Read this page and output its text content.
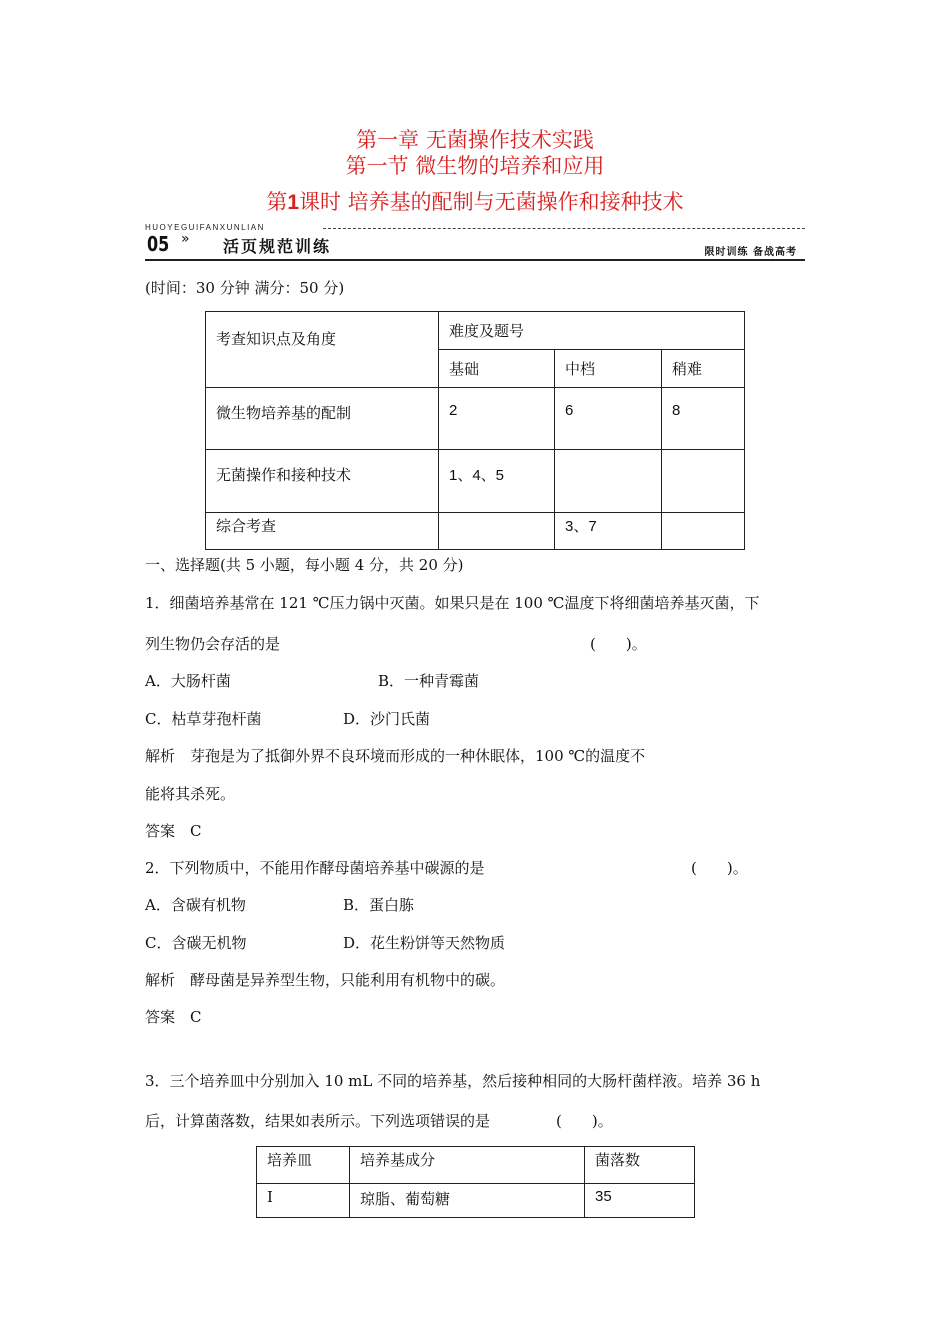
第一章 无菌操作技术实践
第一节 微生物的培养和应用
第1课时 培养基的配制与无菌操作和接种技术
HUOYEGUIFANXUNLIAN
05 » 活页规范训练	限时训练 备战高考
(时间：30 分钟 满分：50 分)
考查知识点及角度	难度及题号		
	基础	中档	稍难
微生物培养基的配制	2	6	8
无菌操作和接种技术	1、4、5		
综合考查		3、7	
一、选择题(共 5 小题，每小题 4 分，共 20 分)
1．细菌培养基常在 121 ℃压力锅中灭菌。如果只是在 100 ℃温度下将细菌培养基灭菌，下
列生物仍会存活的是	(　　)。
A．大肠杆菌	B．一种青霉菌
C．枯草芽孢杆菌	D．沙门氏菌
解析　芽孢是为了抵御外界不良环境而形成的一种休眠体，100 ℃的温度不
能将其杀死。
答案　C
2．下列物质中，不能用作酵母菌培养基中碳源的是	(　　)。
A．含碳有机物	B．蛋白胨
C．含碳无机物	D．花生粉饼等天然物质
解析　酵母菌是异养型生物，只能利用有机物中的碳。
答案　C
3．三个培养皿中分别加入 10 mL 不同的培养基，然后接种相同的大肠杆菌样液。培养 36 h
后，计算菌落数，结果如表所示。下列选项错误的是	(　　)。
培养皿	培养基成分	菌落数
I	琼脂、葡萄糖	35
